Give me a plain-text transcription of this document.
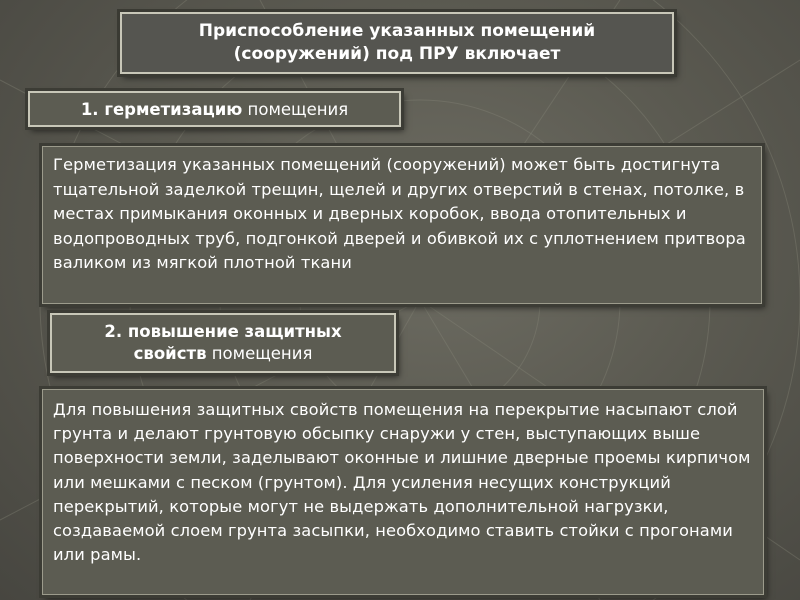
Приспособление указанных помещений
(сооружений) под ПРУ включает
1. герметизацию помещения
Герметизация указанных помещений (сооружений) может быть достигнута тщательной заделкой трещин, щелей и других отверстий в стенах, потолке, в местах примыкания оконных и дверных коробок, ввода отопительных и водопроводных труб, подгонкой дверей и обивкой их с уплотнением притвора валиком из мягкой плотной ткани
2. повышение защитных
свойств помещения
Для повышения защитных свойств помещения на перекрытие насыпают слой грунта и делают грунтовую обсыпку снаружи у стен, выступающих выше поверхности земли, заделывают оконные и лишние дверные проемы кирпичом или мешками с песком (грунтом). Для усиления несущих конструкций перекрытий, которые могут не выдержать дополнительной нагрузки, создаваемой слоем грунта засыпки, необходимо ставить стойки с прогонами или рамы.
